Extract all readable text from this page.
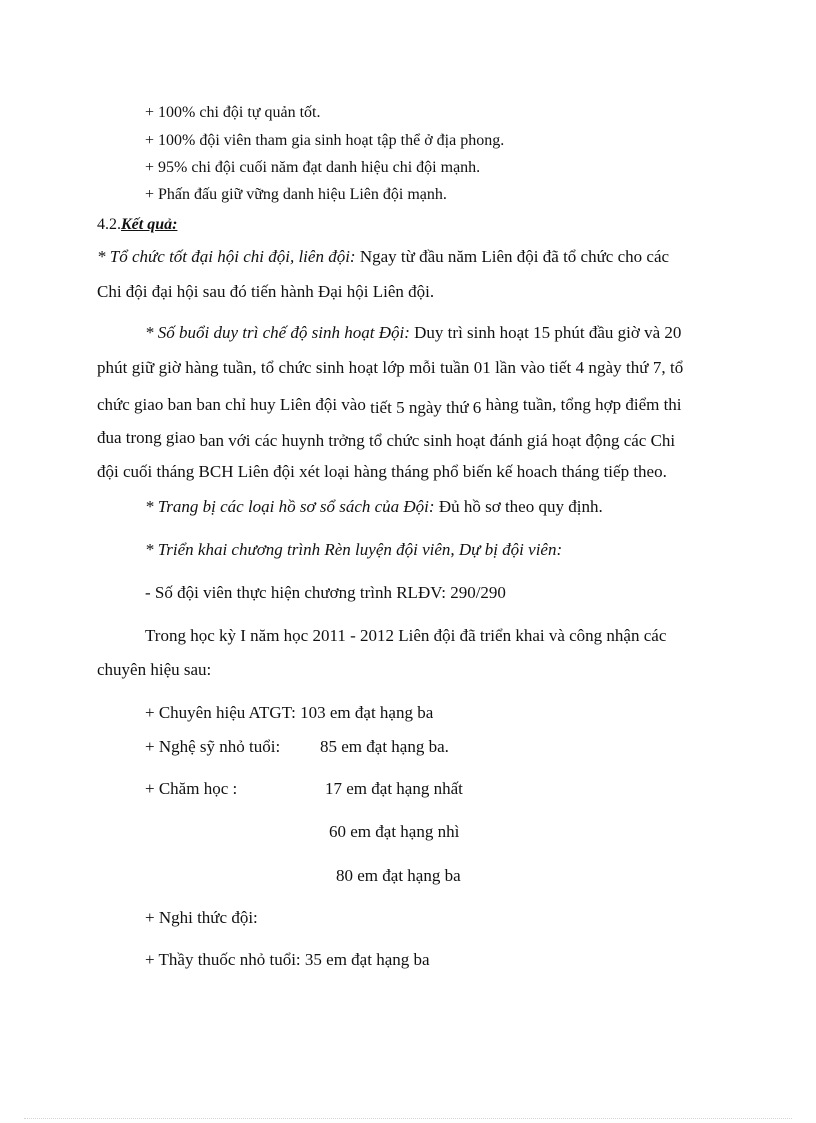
+ 100% chi đội tự quản tốt.
+ 100% đội viên tham gia sinh hoạt tập thể ở địa phong.
+ 95% chi đội cuối năm đạt danh hiệu chi đội mạnh.
+ Phấn đấu giữ vững danh hiệu Liên đội mạnh.
4.2.Kết quả:
* Tổ chức tốt đại hội chi đội, liên đội: Ngay từ đầu năm Liên đội đã tổ chức cho các
Chi đội đại hội sau đó tiến hành Đại hội Liên đội.
* Số buổi duy trì chế độ sinh hoạt Đội: Duy trì sinh hoạt 15 phút đầu giờ và 20
phút giữ giờ hàng tuần, tổ chức sinh hoạt lớp mỗi tuần 01 lần vào tiết 4 ngày thứ 7, tổ
chức giao ban ban chỉ huy Liên đội vào tiết 5 ngày thứ 6 hàng tuần, tổng hợp điểm thi
đua trong giao ban với các huynh trởng tổ chức sinh hoạt đánh giá hoạt động các Chi
đội cuối tháng BCH Liên đội xét loại hàng tháng phổ biến kế hoach tháng tiếp theo.
* Trang bị các loại hồ sơ sổ sách của Đội: Đủ hồ sơ theo quy định.
* Triển khai chương trình Rèn luyện đội viên, Dự bị đội viên:
- Số đội viên thực hiện chương trình RLĐV: 290/290
Trong học kỳ I năm học 2011 - 2012 Liên đội đã triển khai và công nhận các
chuyên hiệu sau:
+ Chuyên hiệu ATGT: 103 em đạt hạng ba
+ Nghệ sỹ nhỏ tuổi: 85 em đạt hạng ba.
+ Chăm học :	17 em đạt hạng nhất
60 em đạt hạng nhì
80 em đạt hạng ba
+ Nghi thức đội:
+ Thầy thuốc nhỏ tuổi: 35 em đạt hạng ba
